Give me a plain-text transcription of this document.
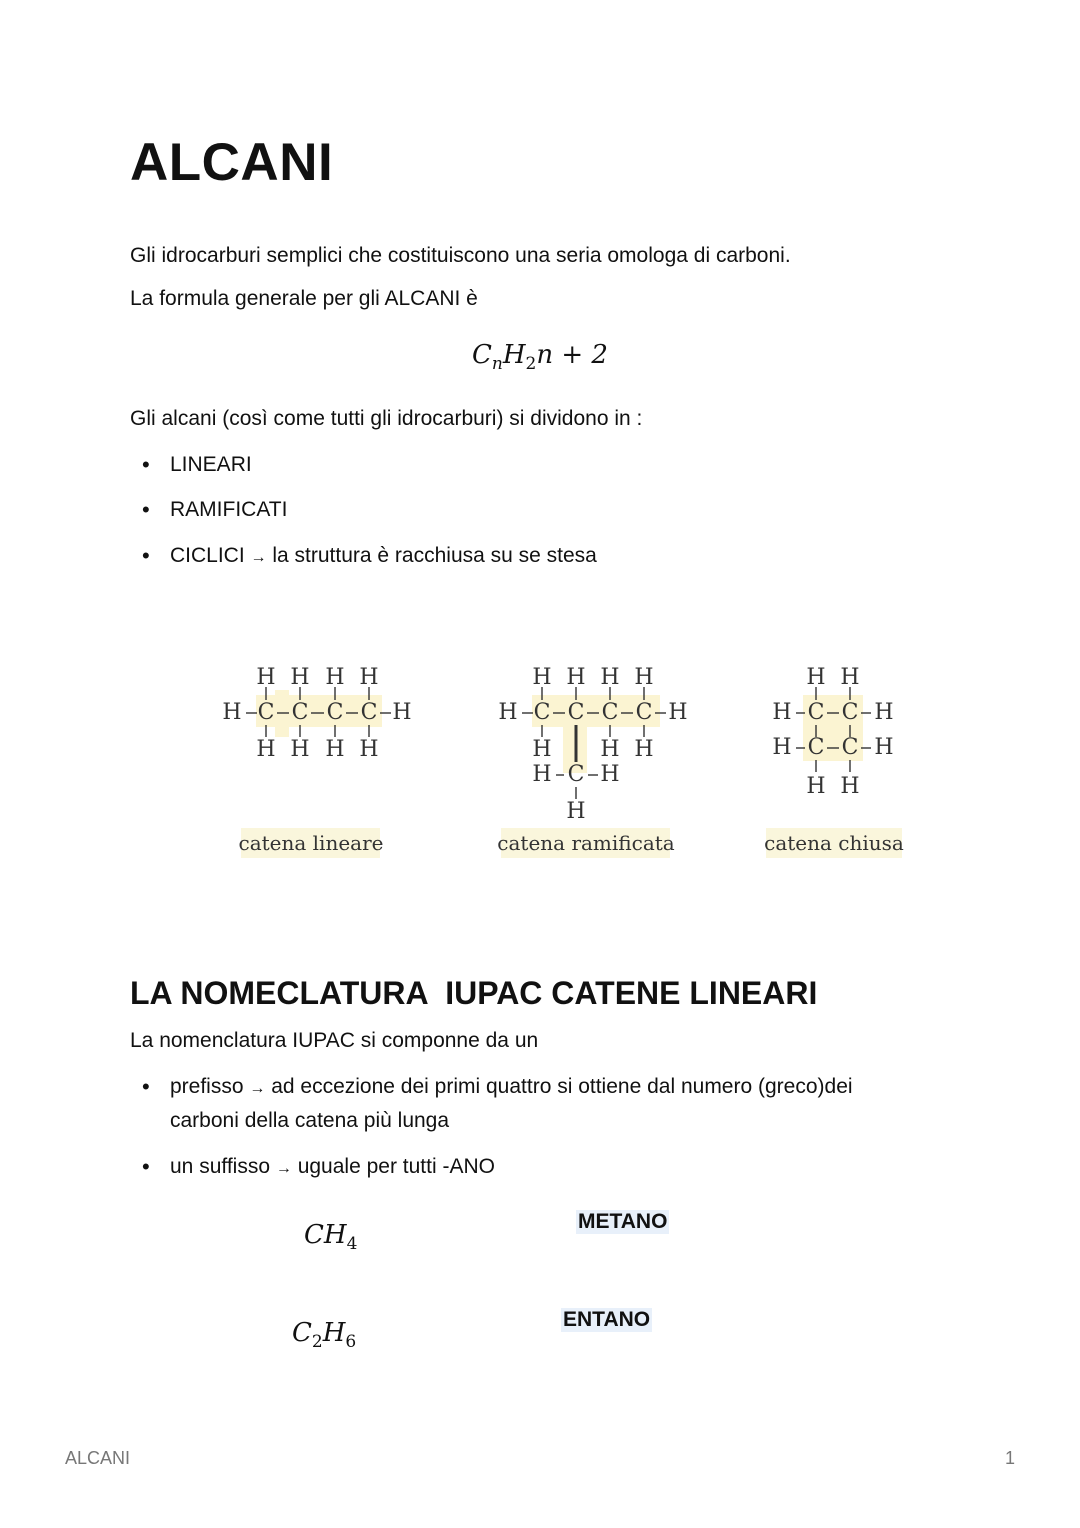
ALCANI

Gli idrocarburi semplici che costituiscono una seria omologa di carboni.

La formula generale per gli ALCANI è

$C_nH_2n + 2$

Gli alcani (così come tutti gli idrocarburi) si dividono in :

• LINEARI
• RAMIFICATI
• CICLICI → la struttura è racchiusa su se stesa
H
H
C
H
H
C
H
H
C
H
H
C
H
H	H
H
C
H
C
H
C
H
C H
H H H
H C H
H
H
C
C
H
H
C
C
H
H	H
H	H
catena lineare	catena ramificata	catena chiusa
LA NOMECLATURA  IUPAC CATENE LINEARI

La nomenclatura IUPAC si componne da un

• prefisso → ad eccezione dei primi quattro si ottiene dal numero (greco)dei
carboni della catena più lunga
• un suffisso → uguale per tutti -ANO
$CH_4$
METANO
$C_2H_6$
ENTANO
ALCANI	1
